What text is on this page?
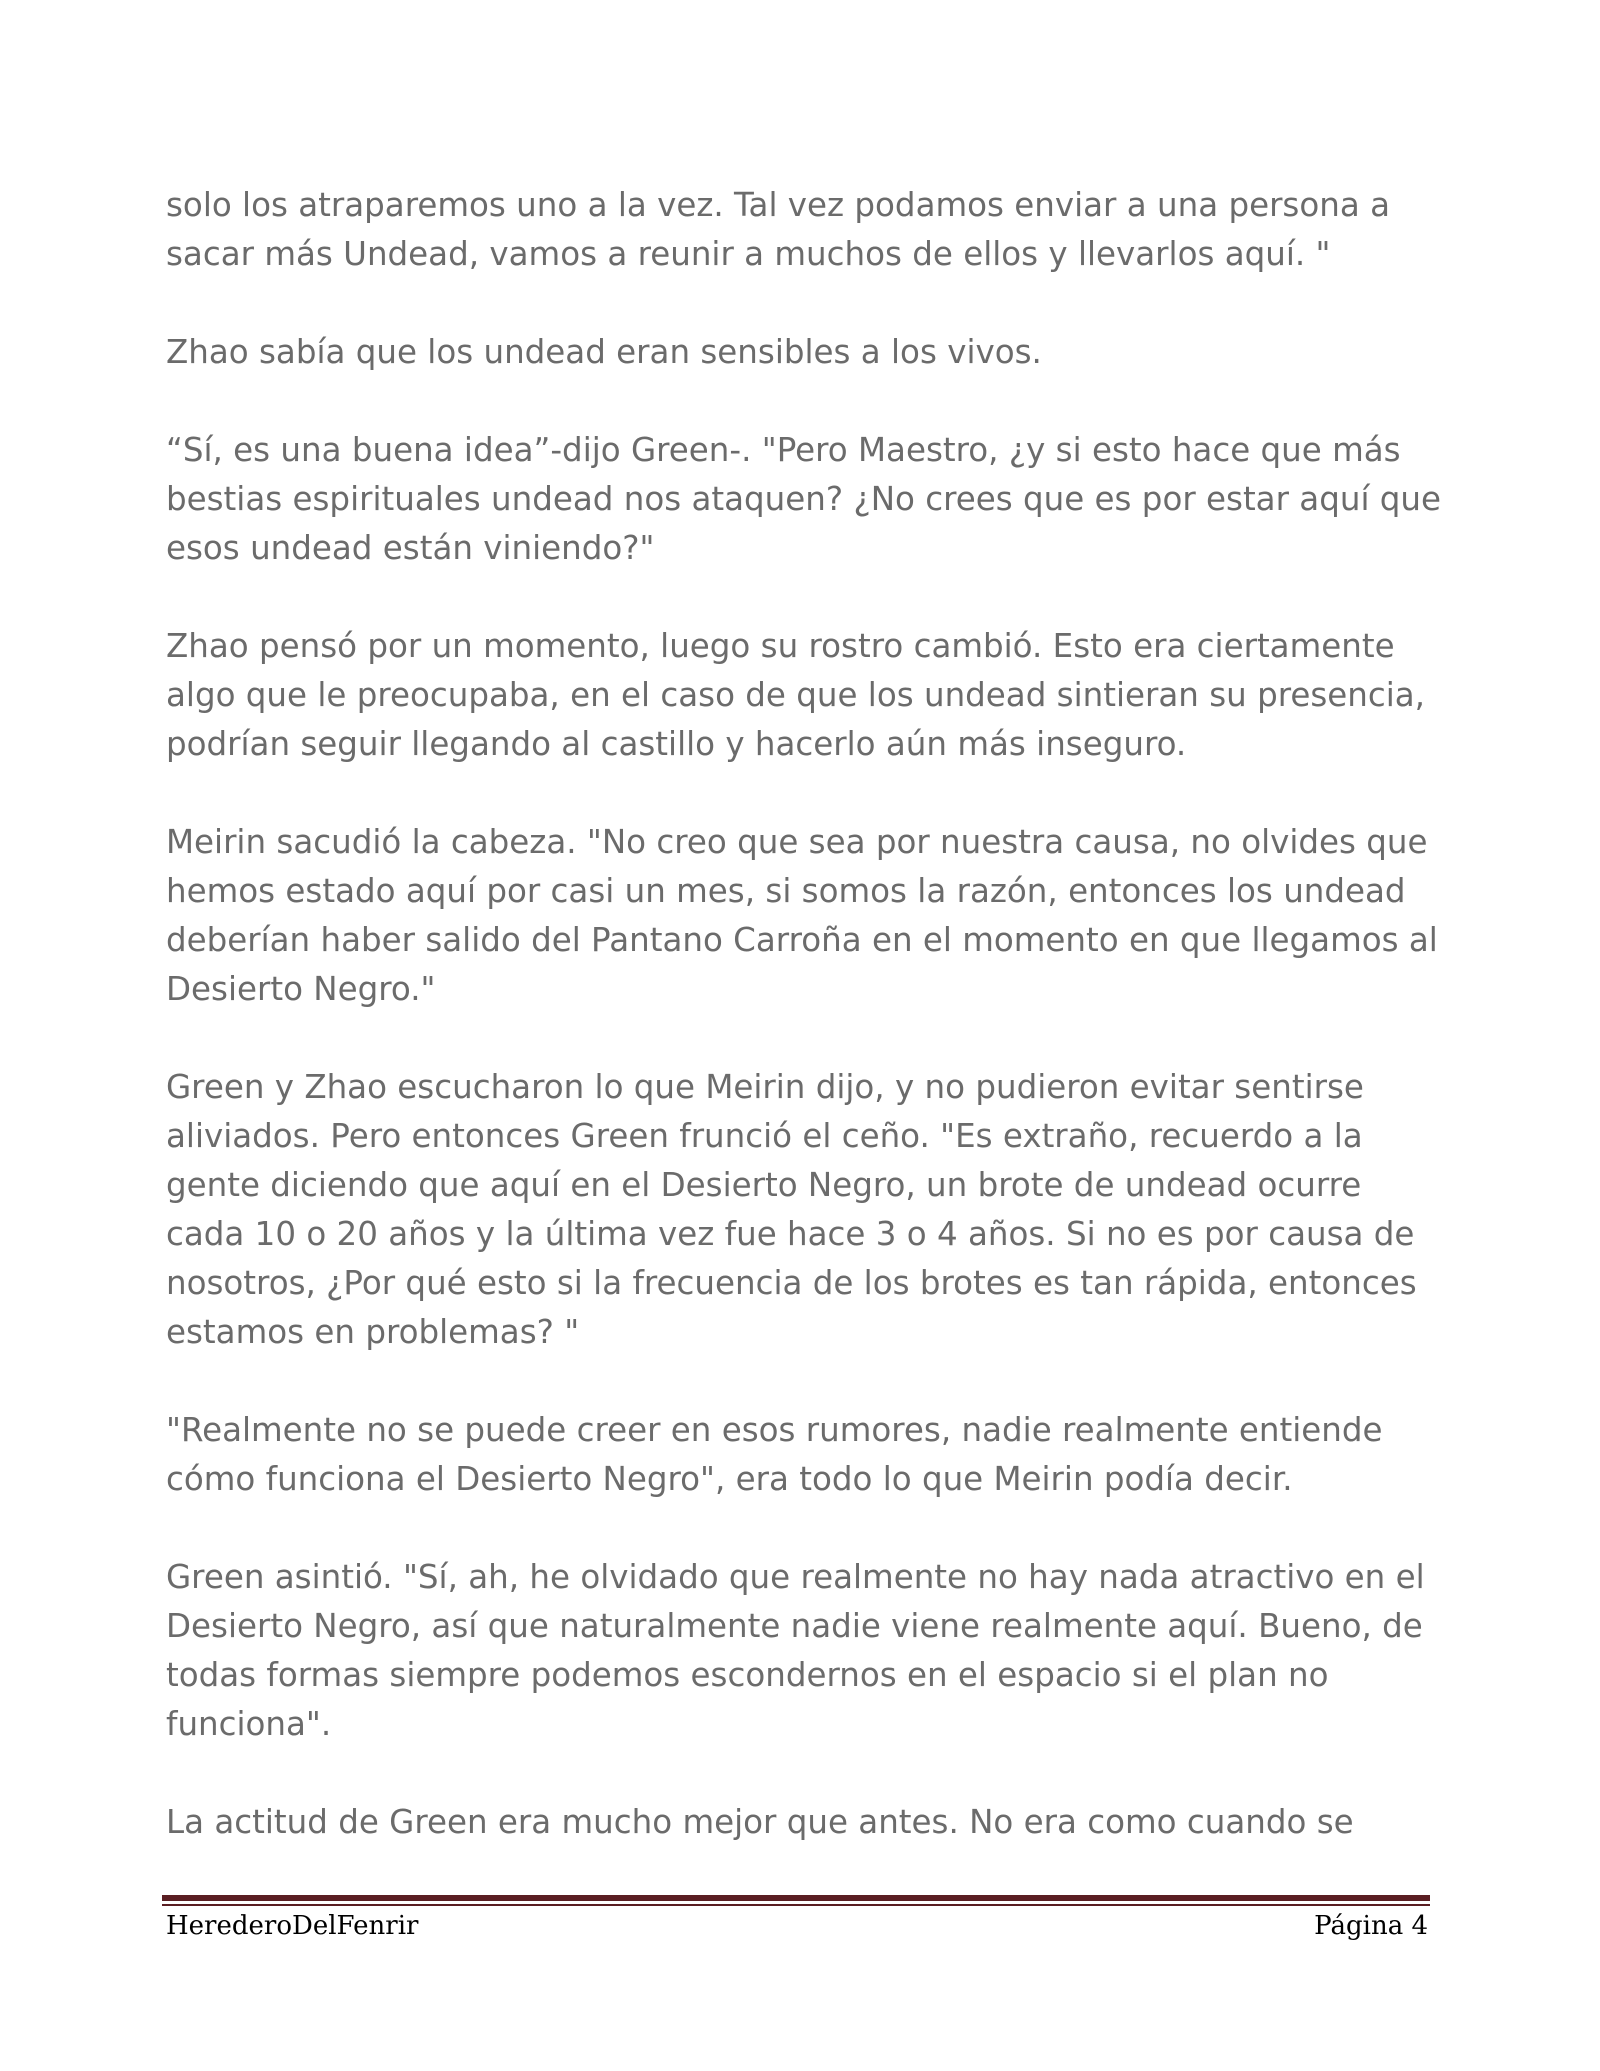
solo los atraparemos uno a la vez. Tal vez podamos enviar a una persona a sacar más Undead, vamos a reunir a muchos de ellos y llevarlos aquí. "

Zhao sabía que los undead eran sensibles a los vivos.

“Sí, es una buena idea”-dijo Green-. "Pero Maestro, ¿y si esto hace que más bestias espirituales undead nos ataquen? ¿No crees que es por estar aquí que esos undead están viniendo?"

Zhao pensó por un momento, luego su rostro cambió. Esto era ciertamente algo que le preocupaba, en el caso de que los undead sintieran su presencia, podrían seguir llegando al castillo y hacerlo aún más inseguro.

Meirin sacudió la cabeza. "No creo que sea por nuestra causa, no olvides que hemos estado aquí por casi un mes, si somos la razón, entonces los undead deberían haber salido del Pantano Carroña en el momento en que llegamos al Desierto Negro."

Green y Zhao escucharon lo que Meirin dijo, y no pudieron evitar sentirse aliviados. Pero entonces Green frunció el ceño. "Es extraño, recuerdo a la gente diciendo que aquí en el Desierto Negro, un brote de undead ocurre cada 10 o 20 años y la última vez fue hace 3 o 4 años. Si no es por causa de nosotros, ¿Por qué esto si la frecuencia de los brotes es tan rápida, entonces estamos en problemas? "

"Realmente no se puede creer en esos rumores, nadie realmente entiende cómo funciona el Desierto Negro", era todo lo que Meirin podía decir.

Green asintió. "Sí, ah, he olvidado que realmente no hay nada atractivo en el Desierto Negro, así que naturalmente nadie viene realmente aquí. Bueno, de todas formas siempre podemos escondernos en el espacio si el plan no funciona".

La actitud de Green era mucho mejor que antes. No era como cuando se

HerederoDelFenrir	Página 4
